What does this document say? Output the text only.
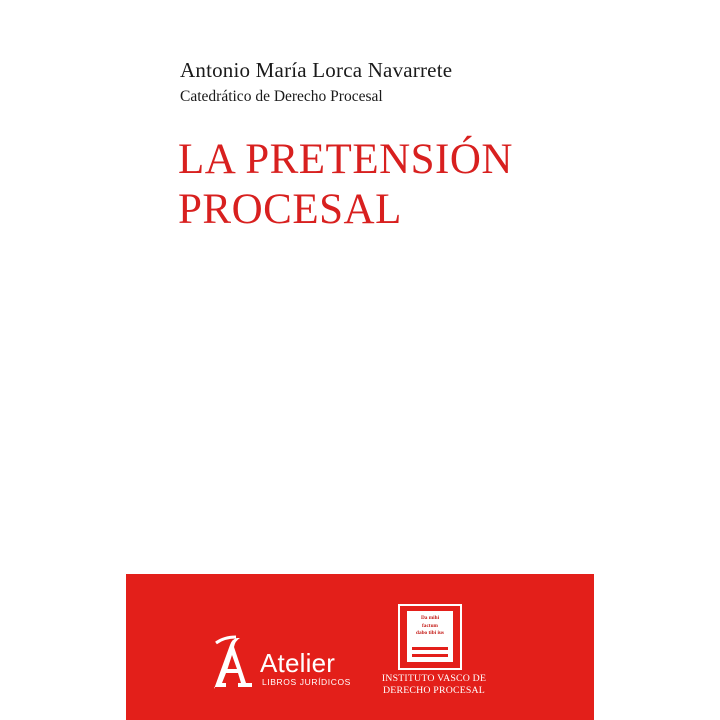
Antonio María Lorca Navarrete
Catedrático de Derecho Procesal
LA PRETENSIÓN
PROCESAL
Atelier
LIBROS JURÍDICOS
Da mihi
factum
dabo tibi ius
INSTITUTO VASCO DE
DERECHO PROCESAL
